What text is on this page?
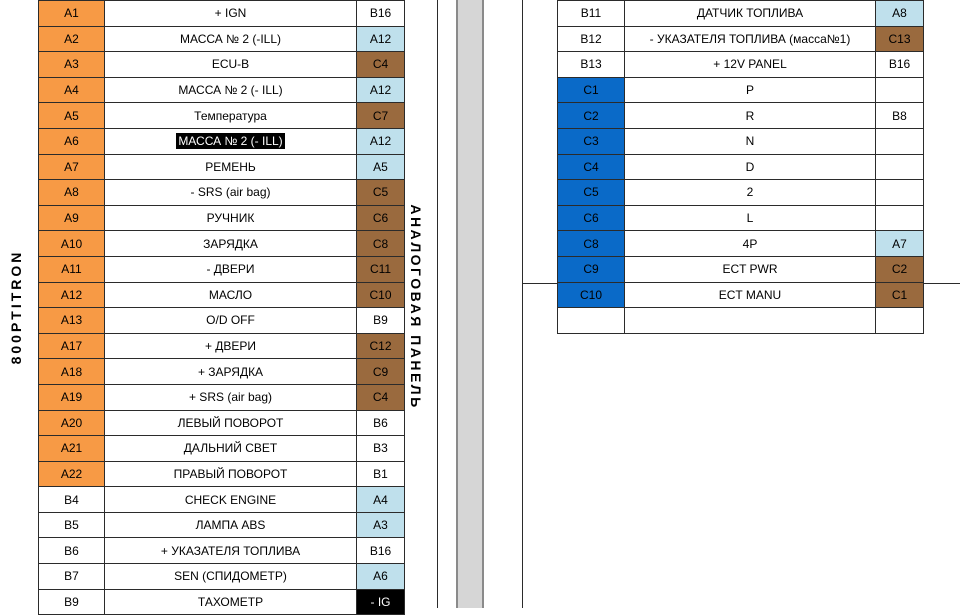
A1	+ IGN	B16
A2	МАССА № 2 (-ILL)	A12
A3	ECU-B	C4
A4	МАССА № 2 (- ILL)	A12
A5	Температура	C7
A6	МАССА № 2 (- ILL)	A12
A7	РЕМЕНЬ	A5
A8	- SRS (air bag)	C5
A9	РУЧНИК	C6
A10	ЗАРЯДКА	C8
A11	- ДВЕРИ	C11
A12	МАСЛО	C10
A13	O/D OFF	B9
A17	+ ДВЕРИ	C12
A18	+ ЗАРЯДКА	C9
A19	+ SRS (air bag)	C4
A20	ЛЕВЫЙ ПОВОРОТ	B6
A21	ДАЛЬНИЙ СВЕТ	B3
A22	ПРАВЫЙ ПОВОРОТ	B1
B4	CHECK ENGINE	A4
B5	ЛАМПА ABS	A3
B6	+ УКАЗАТЕЛЯ ТОПЛИВА	B16
B7	SEN (СПИДОМЕТР)	A6
B9	ТАХОМЕТР	- IG
B11	ДАТЧИК ТОПЛИВА	A8
B12	- УКАЗАТЕЛЯ ТОПЛИВА (масса№1)	C13
B13	+ 12V PANEL	B16
C1	P	
C2	R	B8
C3	N	
C4	D	
C5	2	
C6	L	
C8	4P	A7
C9	ECT PWR	C2
C10	ECT MANU	C1

800PTITRON	АНАЛОГОВАЯ ПАНЕЛЬ
